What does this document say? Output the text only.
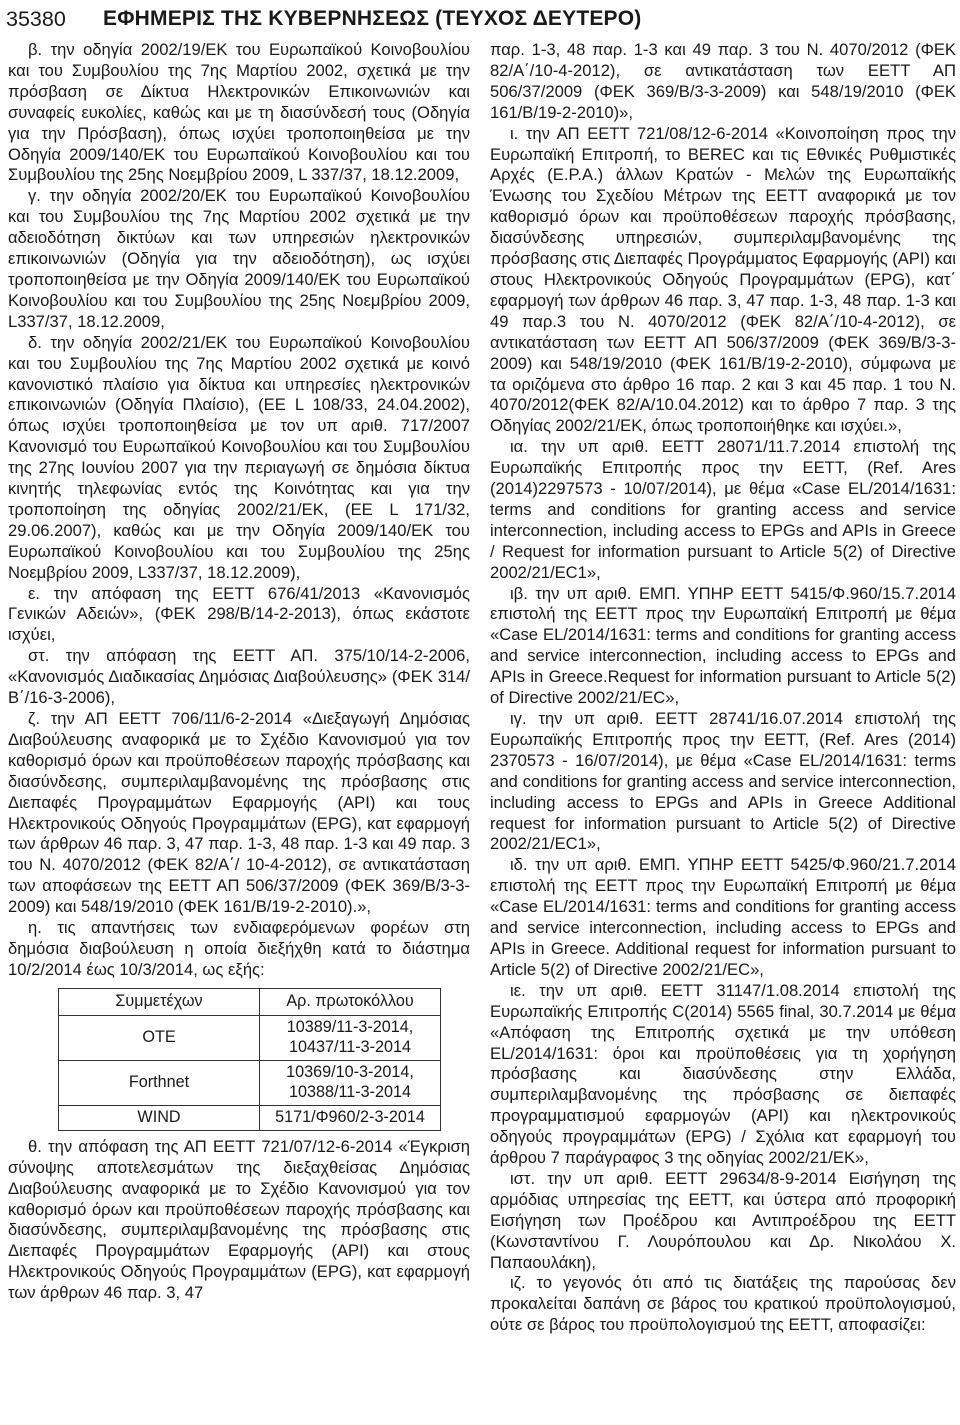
35380 ΕΦΗΜΕΡΙΣ ΤΗΣ ΚΥΒΕΡΝΗΣΕΩΣ (ΤΕΥΧΟΣ ΔΕΥΤΕΡΟ)

β. την οδηγία 2002/19/ΕΚ του Ευρωπαϊκού Κοινοβουλίου και του Συμβουλίου της 7ης Μαρτίου 2002, σχετικά με την πρόσβαση σε Δίκτυα Ηλεκτρονικών Επικοινωνιών και συναφείς ευκολίες, καθώς και με τη διασύνδεσή τους (Οδηγία για την Πρόσβαση), όπως ισχύει τροποποιηθείσα με την Οδηγία 2009/140/ΕΚ του Ευρωπαϊκού Κοινοβουλίου και του Συμβουλίου της 25ης Νοεμβρίου 2009, L 337/37, 18.12.2009,

γ. την οδηγία 2002/20/ΕΚ του Ευρωπαϊκού Κοινοβουλίου και του Συμβουλίου της 7ης Μαρτίου 2002 σχετικά με την αδειοδότηση δικτύων και των υπηρεσιών ηλεκτρονικών επικοινωνιών (Οδηγία για την αδειοδότηση), ως ισχύει τροποποιηθείσα με την Οδηγία 2009/140/ΕΚ του Ευρωπαϊκού Κοινοβουλίου και του Συμβουλίου της 25ης Νοεμβρίου 2009, L337/37, 18.12.2009,

δ. την οδηγία 2002/21/ΕΚ του Ευρωπαϊκού Κοινοβουλίου και του Συμβουλίου της 7ης Μαρτίου 2002 σχετικά με κοινό κανονιστικό πλαίσιο για δίκτυα και υπηρεσίες ηλεκτρονικών επικοινωνιών (Οδηγία Πλαίσιο), (ΕΕ L 108/33, 24.04.2002), όπως ισχύει τροποποιηθείσα με τον υπ αριθ. 717/2007 Κανονισμό του Ευρωπαϊκού Κοινοβουλίου και του Συμβουλίου της 27ης Ιουνίου 2007 για την περιαγωγή σε δημόσια δίκτυα κινητής τηλεφωνίας εντός της Κοινότητας και για την τροποποίηση της οδηγίας 2002/21/ΕΚ, (ΕΕ L 171/32, 29.06.2007), καθώς και με την Οδηγία 2009/140/ΕΚ του Ευρωπαϊκού Κοινοβουλίου και του Συμβουλίου της 25ης Νοεμβρίου 2009, L337/37, 18.12.2009),

ε. την απόφαση της ΕΕΤΤ 676/41/2013 «Κανονισμός Γενικών Αδειών», (ΦΕΚ 298/Β/14-2-2013), όπως εκάστοτε ισχύει,

στ. την απόφαση της ΕΕΤΤ ΑΠ. 375/10/14-2-2006, «Κανονισμός Διαδικασίας Δημόσιας Διαβούλευσης» (ΦΕΚ 314/Β΄/16-3-2006),

ζ. την ΑΠ ΕΕΤΤ 706/11/6-2-2014 «Διεξαγωγή Δημόσιας Διαβούλευσης αναφορικά με το Σχέδιο Κανονισμού για τον καθορισμό όρων και προϋποθέσεων παροχής πρόσβασης και διασύνδεσης, συμπεριλαμβανομένης της πρόσβασης στις Διεπαφές Προγραμμάτων Εφαρμογής (API) και τους Ηλεκτρονικούς Οδηγούς Προγραμμάτων (EPG), κατ εφαρμογή των άρθρων 46 παρ. 3, 47 παρ. 1-3, 48 παρ. 1-3 και 49 παρ. 3 του Ν. 4070/2012 (ΦΕΚ 82/Α΄/ 10-4-2012), σε αντικατάσταση των αποφάσεων της ΕΕΤΤ ΑΠ 506/37/2009 (ΦΕΚ 369/Β/3-3-2009) και 548/19/2010 (ΦΕΚ 161/Β/19-2-2010).»,

η. τις απαντήσεις των ενδιαφερόμενων φορέων στη δημόσια διαβούλευση η οποία διεξήχθη κατά το διάστημα 10/2/2014 έως 10/3/2014, ως εξής:

Συμμετέχων	Αρ. πρωτοκόλλου
ΟΤΕ	10389/11-3-2014,
10437/11-3-2014

Forthnet	10369/10-3-2014,
10388/11-3-2014

WIND	5171/Φ960/2-3-2014

θ. την απόφαση της ΑΠ ΕΕΤΤ 721/07/12-6-2014 «Έγκριση σύνοψης αποτελεσμάτων της διεξαχθείσας Δημόσιας Διαβούλευσης αναφορικά με το Σχέδιο Κανονισμού για τον καθορισμό όρων και προϋποθέσεων παροχής πρόσβασης και διασύνδεσης, συμπεριλαμβανομένης της πρόσβασης στις Διεπαφές Προγραμμάτων Εφαρμογής (API) και στους Ηλεκτρονικούς Οδηγούς Προγραμμάτων (EPG), κατ εφαρμογή των άρθρων 46 παρ. 3, 47

παρ. 1-3, 48 παρ. 1-3 και 49 παρ. 3 του Ν. 4070/2012 (ΦΕΚ 82/Α΄/10-4-2012), σε αντικατάσταση των ΕΕΤΤ ΑΠ 506/37/2009 (ΦΕΚ 369/Β/3-3-2009) και 548/19/2010 (ΦΕΚ 161/Β/19-2-2010)»,

ι. την ΑΠ ΕΕΤΤ 721/08/12-6-2014 «Κοινοποίηση προς την Ευρωπαϊκή Επιτροπή, το BEREC και τις Εθνικές Ρυθμιστικές Αρχές (Ε.Ρ.Α.) άλλων Κρατών - Μελών της Ευρωπαϊκής Ένωσης του Σχεδίου Μέτρων της ΕΕΤΤ αναφορικά με τον καθορισμό όρων και προϋποθέσεων παροχής πρόσβασης, διασύνδεσης υπηρεσιών, συμπεριλαμβανομένης της πρόσβασης στις Διεπαφές Προγράμματος Εφαρμογής (API) και στους Ηλεκτρονικούς Οδηγούς Προγραμμάτων (EPG), κατ΄ εφαρμογή των άρθρων 46 παρ. 3, 47 παρ. 1-3, 48 παρ. 1-3 και 49 παρ.3 του Ν. 4070/2012 (ΦΕΚ 82/Α΄/10-4-2012), σε αντικατάσταση των ΕΕΤΤ ΑΠ 506/37/2009 (ΦΕΚ 369/Β/3-3-2009) και 548/19/2010 (ΦΕΚ 161/Β/19-2-2010), σύμφωνα με τα οριζόμενα στο άρθρο 16 παρ. 2 και 3 και 45 παρ. 1 του Ν. 4070/2012(ΦΕΚ 82/Α/10.04.2012) και το άρθρο 7 παρ. 3 της Οδηγίας 2002/21/ΕΚ, όπως τροποποιήθηκε και ισχύει.»,

ια. την υπ αριθ. ΕΕΤΤ 28071/11.7.2014 επιστολή της Ευρωπαϊκής Επιτροπής προς την ΕΕΤΤ, (Ref. Ares (2014)2297573 - 10/07/2014), με θέμα «Case EL/2014/1631: terms and conditions for granting access and service interconnection, including access to EPGs and APIs in Greece / Request for information pursuant to Article 5(2) of Directive 2002/21/EC1»,

ιβ. την υπ αριθ. ΕΜΠ. ΥΠΗΡ ΕΕΤΤ 5415/Φ.960/15.7.2014 επιστολή της ΕΕΤΤ προς την Ευρωπαϊκή Επιτροπή με θέμα «Case EL/2014/1631: terms and conditions for granting access and service interconnection, including access to EPGs and APIs in Greece.Request for information pursuant to Article 5(2) of Directive 2002/21/EC»,

ιγ. την υπ αριθ. ΕΕΤΤ 28741/16.07.2014 επιστολή της Ευρωπαϊκής Επιτροπής προς την ΕΕΤΤ, (Ref. Ares (2014) 2370573 - 16/07/2014), με θέμα «Case EL/2014/1631: terms and conditions for granting access and service interconnection, including access to EPGs and APIs in Greece Additional request for information pursuant to Article 5(2) of Directive 2002/21/EC1»,

ιδ. την υπ αριθ. ΕΜΠ. ΥΠΗΡ ΕΕΤΤ 5425/Φ.960/21.7.2014 επιστολή της ΕΕΤΤ προς την Ευρωπαϊκή Επιτροπή με θέμα «Case EL/2014/1631: terms and conditions for granting access and service interconnection, including access to EPGs and APIs in Greece. Additional request for information pursuant to Article 5(2) of Directive 2002/21/EC»,

ιε. την υπ αριθ. ΕΕΤΤ 31147/1.08.2014 επιστολή της Ευρωπαϊκής Επιτροπής C(2014) 5565 final, 30.7.2014 με θέμα «Απόφαση της Επιτροπής σχετικά με την υπόθεση EL/2014/1631: όροι και προϋποθέσεις για τη χορήγηση πρόσβασης και διασύνδεσης στην Ελλάδα, συμπεριλαμβανομένης της πρόσβασης σε διεπαφές προγραμματισμού εφαρμογών (API) και ηλεκτρονικούς οδηγούς προγραμμάτων (EPG) / Σχόλια κατ εφαρμογή του άρθρου 7 παράγραφος 3 της οδηγίας 2002/21/ΕΚ»,

ιστ. την υπ αριθ. ΕΕΤΤ 29634/8-9-2014 Εισήγηση της αρμόδιας υπηρεσίας της ΕΕΤΤ, και ύστερα από προφορική Εισήγηση των Προέδρου και Αντιπροέδρου της ΕΕΤΤ (Κωνσταντίνου Γ. Λουρόπουλου και Δρ. Νικολάου Χ. Παπαουλάκη),

ιζ. το γεγονός ότι από τις διατάξεις της παρούσας δεν προκαλείται δαπάνη σε βάρος του κρατικού προϋπολογισμού, ούτε σε βάρος του προϋπολογισμού της ΕΕΤΤ, αποφασίζει:
